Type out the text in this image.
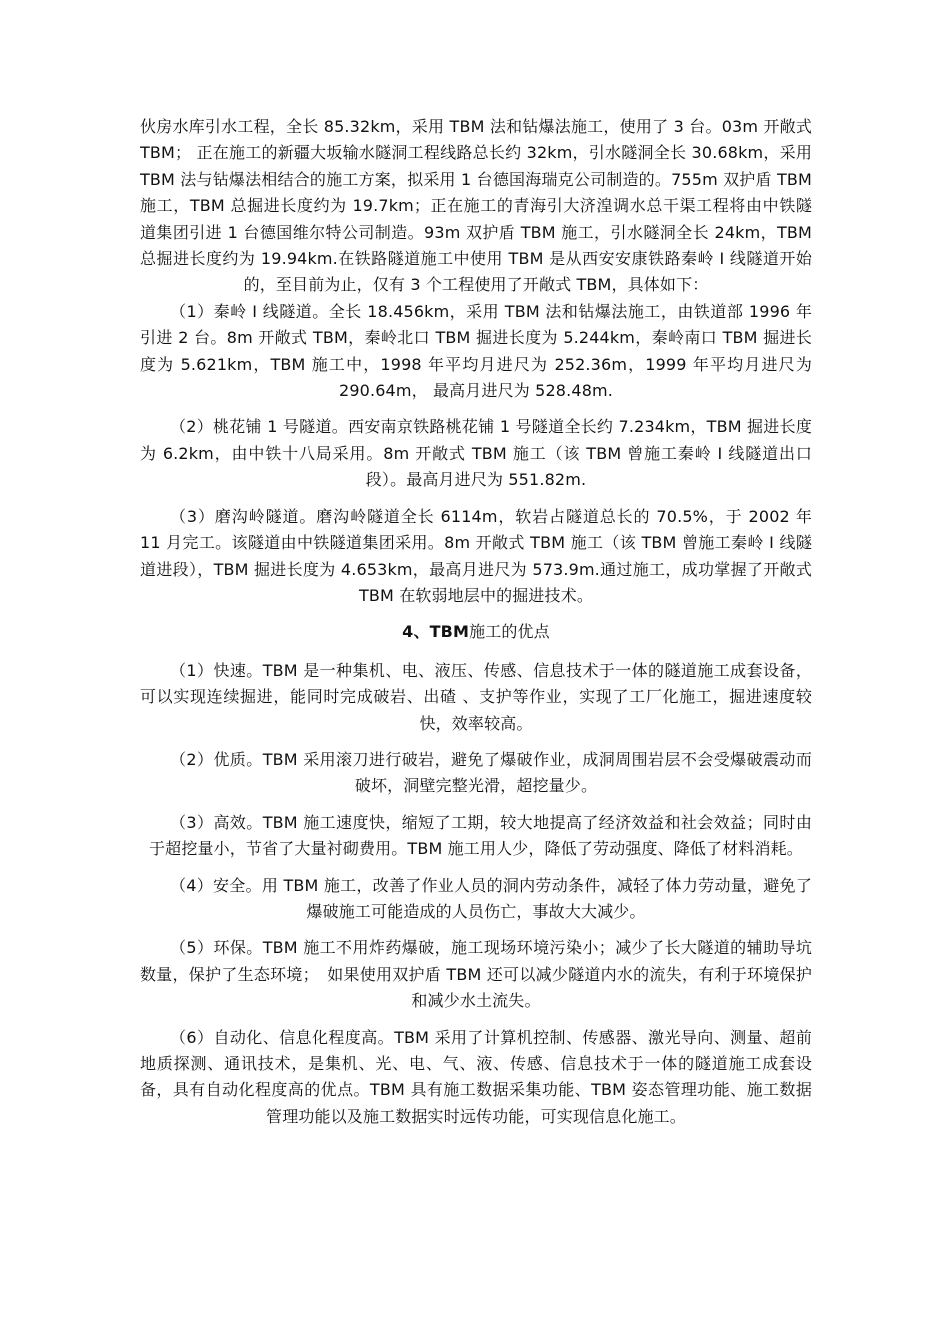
伙房水库引水工程，全长 85.32km，采用 TBM 法和钻爆法施工，使用了 3 台。03m 开敞式 TBM； 正在施工的新疆大坂输水隧洞工程线路总长约 32km，引水隧洞全长 30.68km，采用 TBM 法与钻爆法相结合的施工方案，拟采用 1 台德国海瑞克公司制造的。755m 双护盾 TBM 施工，TBM 总掘进长度约为 19.7km；正在施工的青海引大济湟调水总干渠工程将由中铁隧道集团引进 1 台德国维尔特公司制造。93m 双护盾 TBM 施工，引水隧洞全长 24km，TBM 总掘进长度约为 19.94km.在铁路隧道施工中使用 TBM 是从西安安康铁路秦岭 I 线隧道开始的，至目前为止，仅有 3 个工程使用了开敞式 TBM，具体如下：

（1）秦岭 I 线隧道。全长 18.456km，采用 TBM 法和钻爆法施工，由铁道部 1996 年引进 2 台。8m 开敞式 TBM，秦岭北口 TBM 掘进长度为 5.244km，秦岭南口 TBM 掘进长度为 5.621km，TBM 施工中，1998 年平均月进尺为 252.36m，1999 年平均月进尺为 290.64m， 最高月进尺为 528.48m.

（2）桃花铺 1 号隧道。西安南京铁路桃花铺 1 号隧道全长约 7.234km，TBM 掘进长度为 6.2km，由中铁十八局采用。8m 开敞式 TBM 施工（该 TBM 曾施工秦岭 I 线隧道出口段）。最高月进尺为 551.82m.

（3）磨沟岭隧道。磨沟岭隧道全长 6114m，软岩占隧道总长的 70.5%，于 2002 年 11 月完工。该隧道由中铁隧道集团采用。8m 开敞式 TBM 施工（该 TBM 曾施工秦岭 I 线隧道进段），TBM 掘进长度为 4.653km，最高月进尺为 573.9m.通过施工，成功掌握了开敞式 TBM 在软弱地层中的掘进技术。

4、TBM施工的优点

（1）快速。TBM 是一种集机、电、液压、传感、信息技术于一体的隧道施工成套设备，可以实现连续掘进，能同时完成破岩、出碴 、支护等作业，实现了工厂化施工，掘进速度较快，效率较高。

（2）优质。TBM 采用滚刀进行破岩，避免了爆破作业，成洞周围岩层不会受爆破震动而破坏，洞壁完整光滑，超挖量少。

（3）高效。TBM 施工速度快，缩短了工期，较大地提高了经济效益和社会效益；同时由于超挖量小，节省了大量衬砌费用。TBM 施工用人少，降低了劳动强度、降低了材料消耗。

（4）安全。用 TBM 施工，改善了作业人员的洞内劳动条件，减轻了体力劳动量，避免了爆破施工可能造成的人员伤亡，事故大大减少。

（5）环保。TBM 施工不用炸药爆破，施工现场环境污染小；减少了长大隧道的辅助导坑数量，保护了生态环境；　如果使用双护盾 TBM 还可以减少隧道内水的流失，有利于环境保护和减少水土流失。

（6）自动化、信息化程度高。TBM 采用了计算机控制、传感器、激光导向、测量、超前地质探测、通讯技术，是集机、光、电、气、液、传感、信息技术于一体的隧道施工成套设备，具有自动化程度高的优点。TBM 具有施工数据采集功能、TBM 姿态管理功能、施工数据管理功能以及施工数据实时远传功能，可实现信息化施工。
